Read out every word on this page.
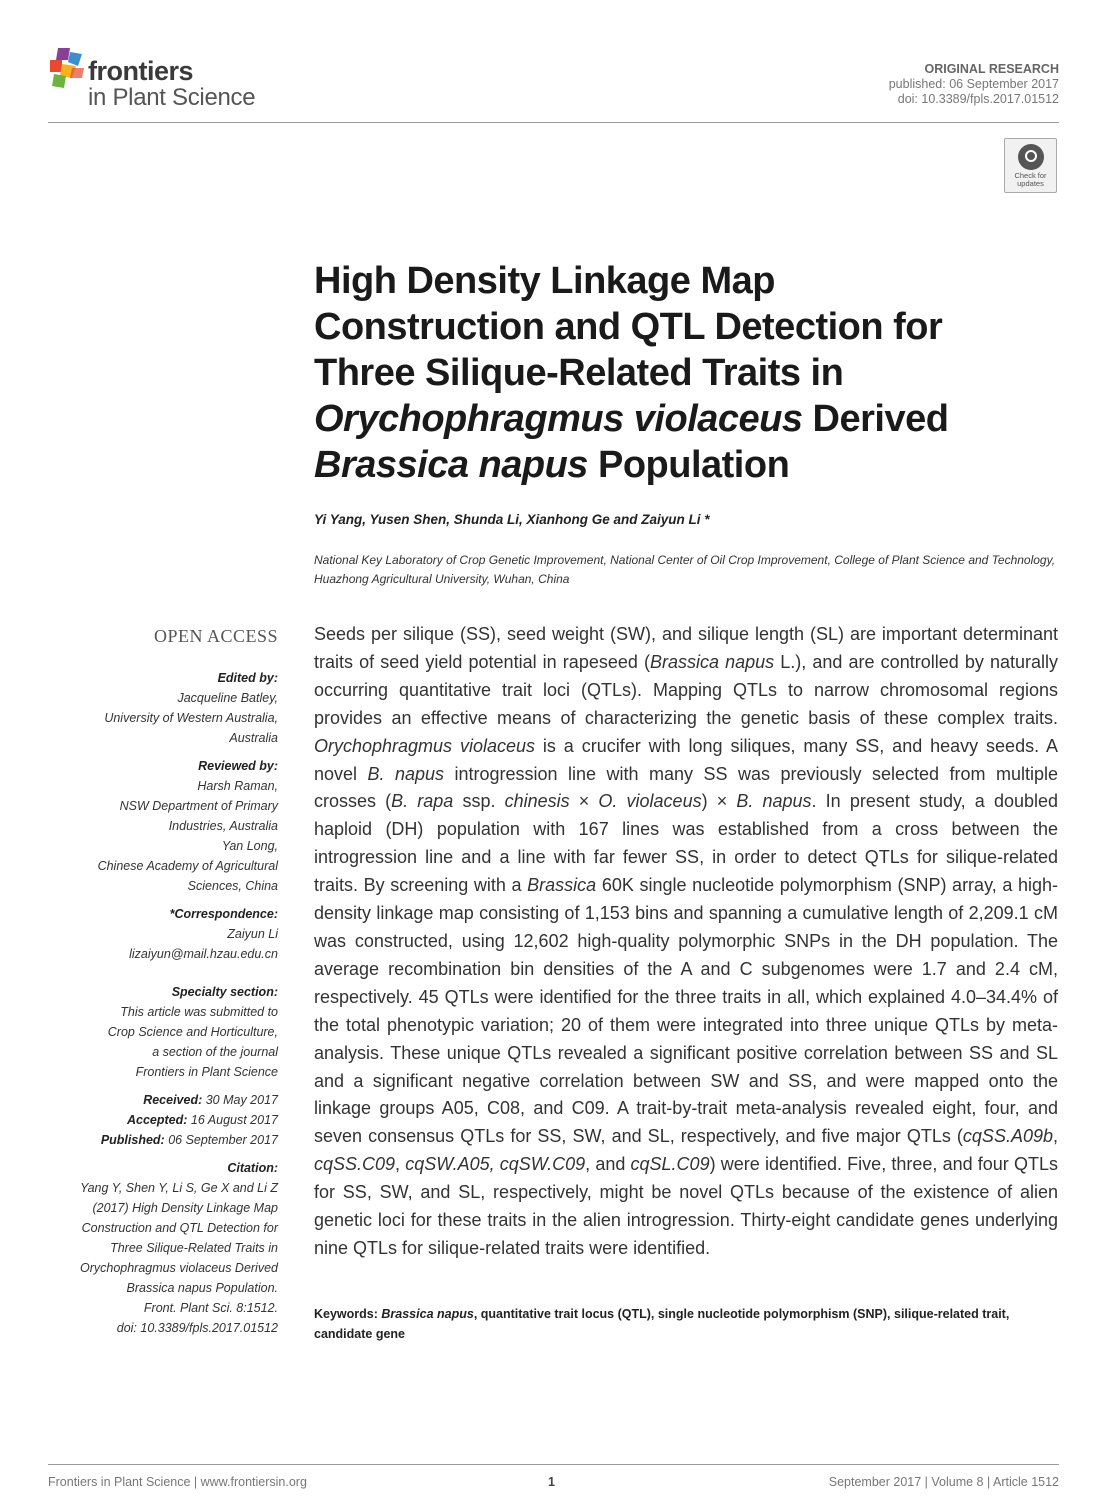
frontiers
in Plant Science
ORIGINAL RESEARCH
published: 06 September 2017
doi: 10.3389/fpls.2017.01512
Check for updates
High Density Linkage Map
Construction and QTL Detection for
Three Silique-Related Traits in
Orychophragmus violaceus Derived
Brassica napus Population
Yi Yang, Yusen Shen, Shunda Li, Xianhong Ge and Zaiyun Li *
National Key Laboratory of Crop Genetic Improvement, National Center of Oil Crop Improvement, College of Plant Science and Technology, Huazhong Agricultural University, Wuhan, China
OPEN ACCESS
Edited by:
Jacqueline Batley,
University of Western Australia,
Australia
Reviewed by:
Harsh Raman,
NSW Department of Primary
Industries, Australia
Yan Long,
Chinese Academy of Agricultural
Sciences, China
*Correspondence:
Zaiyun Li
lizaiyun@mail.hzau.edu.cn
Specialty section:
This article was submitted to
Crop Science and Horticulture,
a section of the journal
Frontiers in Plant Science
Received: 30 May 2017
Accepted: 16 August 2017
Published: 06 September 2017
Citation:
Yang Y, Shen Y, Li S, Ge X and Li Z
(2017) High Density Linkage Map
Construction and QTL Detection for
Three Silique-Related Traits in
Orychophragmus violaceus Derived
Brassica napus Population.
Front. Plant Sci. 8:1512.
doi: 10.3389/fpls.2017.01512

Seeds per silique (SS), seed weight (SW), and silique length (SL) are important determinant traits of seed yield potential in rapeseed (Brassica napus L.), and are controlled by naturally occurring quantitative trait loci (QTLs). Mapping QTLs to narrow chromosomal regions provides an effective means of characterizing the genetic basis of these complex traits. Orychophragmus violaceus is a crucifer with long siliques, many SS, and heavy seeds. A novel B. napus introgression line with many SS was previously selected from multiple crosses (B. rapa ssp. chinesis × O. violaceus) × B. napus. In present study, a doubled haploid (DH) population with 167 lines was established from a cross between the introgression line and a line with far fewer SS, in order to detect QTLs for silique-related traits. By screening with a Brassica 60K single nucleotide polymorphism (SNP) array, a high-density linkage map consisting of 1,153 bins and spanning a cumulative length of 2,209.1 cM was constructed, using 12,602 high-quality polymorphic SNPs in the DH population. The average recombination bin densities of the A and C subgenomes were 1.7 and 2.4 cM, respectively. 45 QTLs were identified for the three traits in all, which explained 4.0–34.4% of the total phenotypic variation; 20 of them were integrated into three unique QTLs by meta-analysis. These unique QTLs revealed a significant positive correlation between SS and SL and a significant negative correlation between SW and SS, and were mapped onto the linkage groups A05, C08, and C09. A trait-by-trait meta-analysis revealed eight, four, and seven consensus QTLs for SS, SW, and SL, respectively, and five major QTLs (cqSS.A09b, cqSS.C09, cqSW.A05, cqSW.C09, and cqSL.C09) were identified. Five, three, and four QTLs for SS, SW, and SL, respectively, might be novel QTLs because of the existence of alien genetic loci for these traits in the alien introgression. Thirty-eight candidate genes underlying nine QTLs for silique-related traits were identified.

Keywords: Brassica napus, quantitative trait locus (QTL), single nucleotide polymorphism (SNP), silique-related trait, candidate gene
Frontiers in Plant Science | www.frontiersin.org	1	September 2017 | Volume 8 | Article 1512
